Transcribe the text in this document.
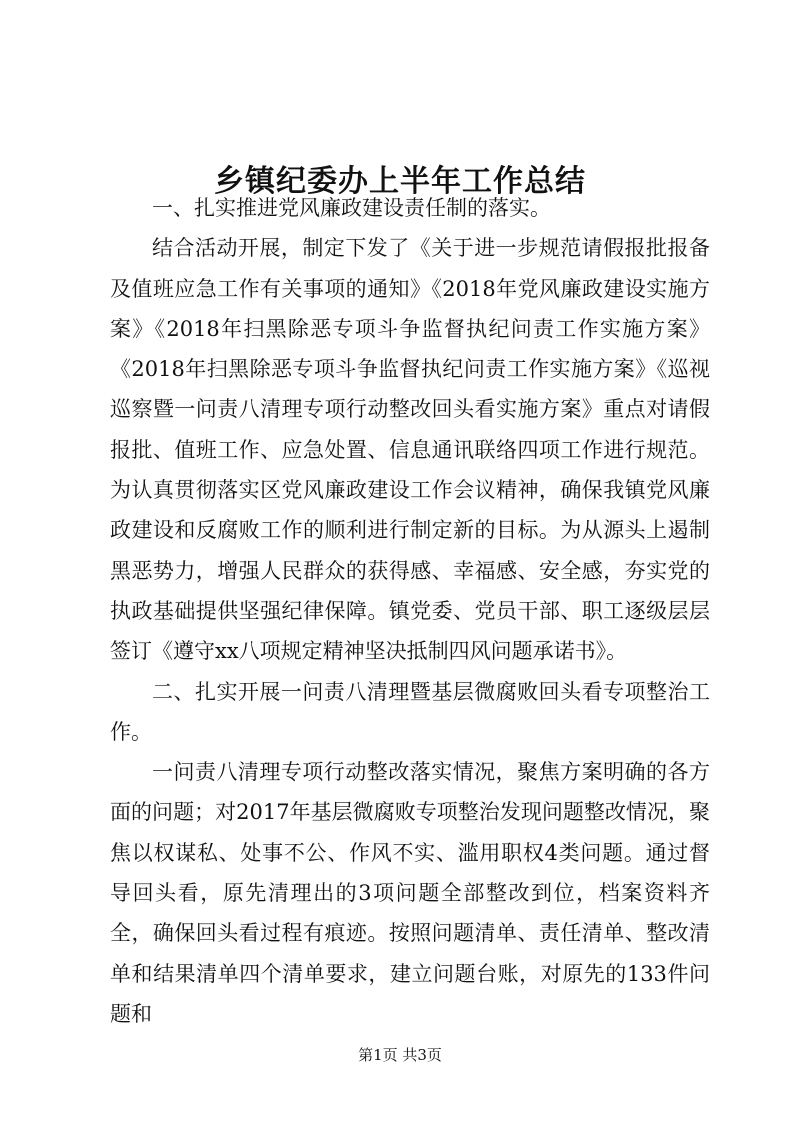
乡镇纪委办上半年工作总结

一、扎实推进党风廉政建设责任制的落实。

结合活动开展，制定下发了《关于进一步规范请假报批报备及值班应急工作有关事项的通知》《2018年党风廉政建设实施方案》《2018年扫黑除恶专项斗争监督执纪问责工作实施方案》《2018年扫黑除恶专项斗争监督执纪问责工作实施方案》《巡视巡察暨一问责八清理专项行动整改回头看实施方案》重点对请假报批、值班工作、应急处置、信息通讯联络四项工作进行规范。为认真贯彻落实区党风廉政建设工作会议精神，确保我镇党风廉政建设和反腐败工作的顺利进行制定新的目标。为从源头上遏制黑恶势力，增强人民群众的获得感、幸福感、安全感，夯实党的执政基础提供坚强纪律保障。镇党委、党员干部、职工逐级层层签订《遵守xx八项规定精神坚决抵制四风问题承诺书》。

二、扎实开展一问责八清理暨基层微腐败回头看专项整治工作。

一问责八清理专项行动整改落实情况，聚焦方案明确的各方面的问题；对2017年基层微腐败专项整治发现问题整改情况，聚焦以权谋私、处事不公、作风不实、滥用职权4类问题。通过督导回头看，原先清理出的3项问题全部整改到位，档案资料齐全，确保回头看过程有痕迹。按照问题清单、责任清单、整改清单和结果清单四个清单要求，建立问题台账，对原先的133件问题和

第1页 共3页
